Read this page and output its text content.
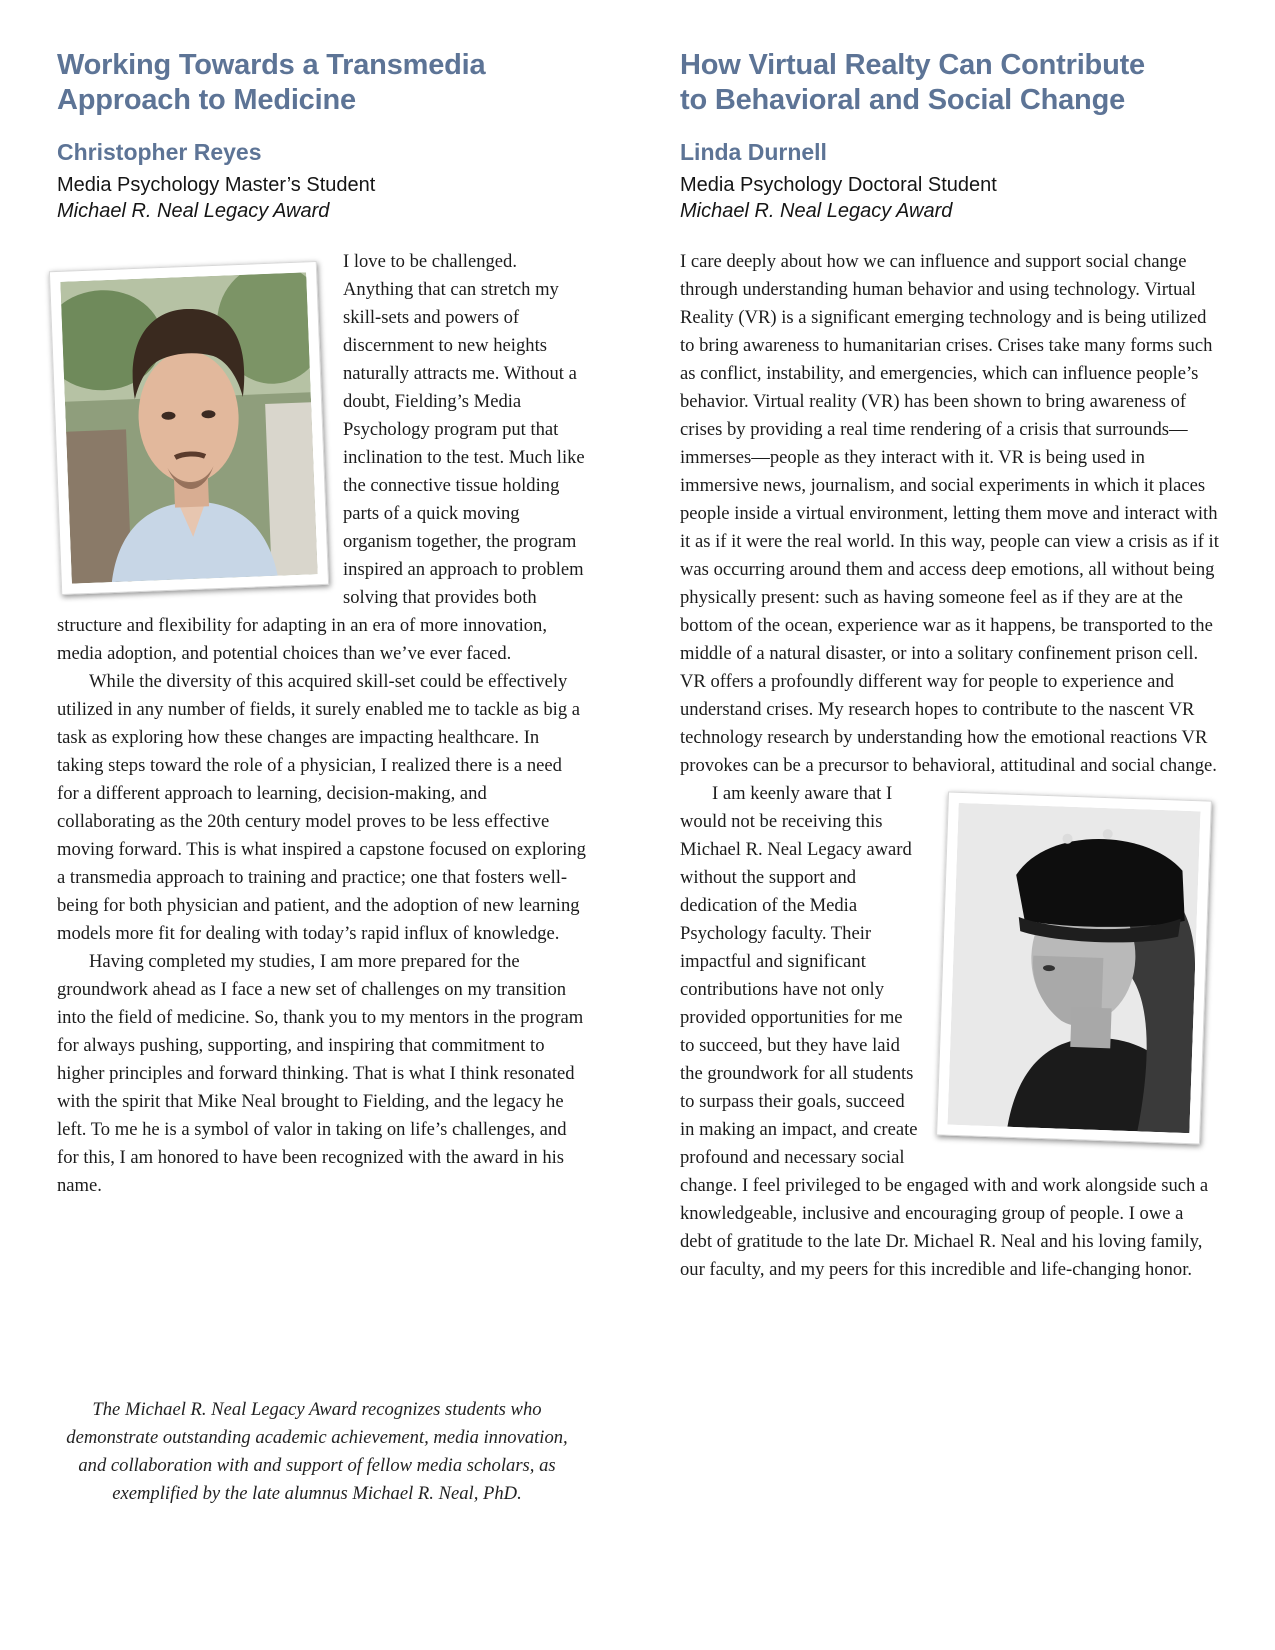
Working Towards a Transmedia
Approach to Medicine
Christopher Reyes
Media Psychology Master’s Student
Michael R. Neal Legacy Award

I love to be challenged. Anything that can stretch my skill-sets and powers of discernment to new heights naturally attracts me. Without a doubt, Fielding’s Media Psychology program put that inclination to the test. Much like the connective tissue holding parts of a quick moving organism together, the program inspired an approach to problem solving that provides both structure and flexibility for adapting in an era of more innovation, media adoption, and potential choices than we’ve ever faced.

While the diversity of this acquired skill-set could be effectively utilized in any number of fields, it surely enabled me to tackle as big a task as exploring how these changes are impacting healthcare. In taking steps toward the role of a physician, I realized there is a need for a different approach to learning, decision-making, and collaborating as the 20th century model proves to be less effective moving forward. This is what inspired a capstone focused on exploring a transmedia approach to training and practice; one that fosters well-being for both physician and patient, and the adoption of new learning models more fit for dealing with today’s rapid influx of knowledge.

Having completed my studies, I am more prepared for the groundwork ahead as I face a new set of challenges on my transition into the field of medicine. So, thank you to my mentors in the program for always pushing, supporting, and inspiring that commitment to higher principles and forward thinking. That is what I think resonated with the spirit that Mike Neal brought to Fielding, and the legacy he left. To me he is a symbol of valor in taking on life’s challenges, and for this, I am honored to have been recognized with the award in his name.

The Michael R. Neal Legacy Award recognizes students who demonstrate outstanding academic achievement, media innovation, and collaboration with and support of fellow media scholars, as exemplified by the late alumnus Michael R. Neal, PhD.

How Virtual Realty Can Contribute
to Behavioral and Social Change
Linda Durnell
Media Psychology Doctoral Student
Michael R. Neal Legacy Award

I care deeply about how we can influence and support social change through understanding human behavior and using technology. Virtual Reality (VR) is a significant emerging technology and is being utilized to bring awareness to humanitarian crises. Crises take many forms such as conflict, instability, and emergencies, which can influence people’s behavior. Virtual reality (VR) has been shown to bring awareness of crises by providing a real time rendering of a crisis that surrounds—immerses—people as they interact with it. VR is being used in immersive news, journalism, and social experiments in which it places people inside a virtual environment, letting them move and interact with it as if it were the real world. In this way, people can view a crisis as if it was occurring around them and access deep emotions, all without being physically present: such as having someone feel as if they are at the bottom of the ocean, experience war as it happens, be transported to the middle of a natural disaster, or into a solitary confinement prison cell. VR offers a profoundly different way for people to experience and understand crises. My research hopes to contribute to the nascent VR technology research by understanding how the emotional reactions VR provokes can be a precursor to behavioral, attitudinal and social change.

I am keenly aware that I would not be receiving this Michael R. Neal Legacy award without the support and dedication of the Media Psychology faculty. Their impactful and significant contributions have not only provided opportunities for me to succeed, but they have laid the groundwork for all students to surpass their goals, succeed in making an impact, and create profound and necessary social change. I feel privileged to be engaged with and work alongside such a knowledgeable, inclusive and encouraging group of people. I owe a debt of gratitude to the late Dr. Michael R. Neal and his loving family, our faculty, and my peers for this incredible and life-changing honor.
